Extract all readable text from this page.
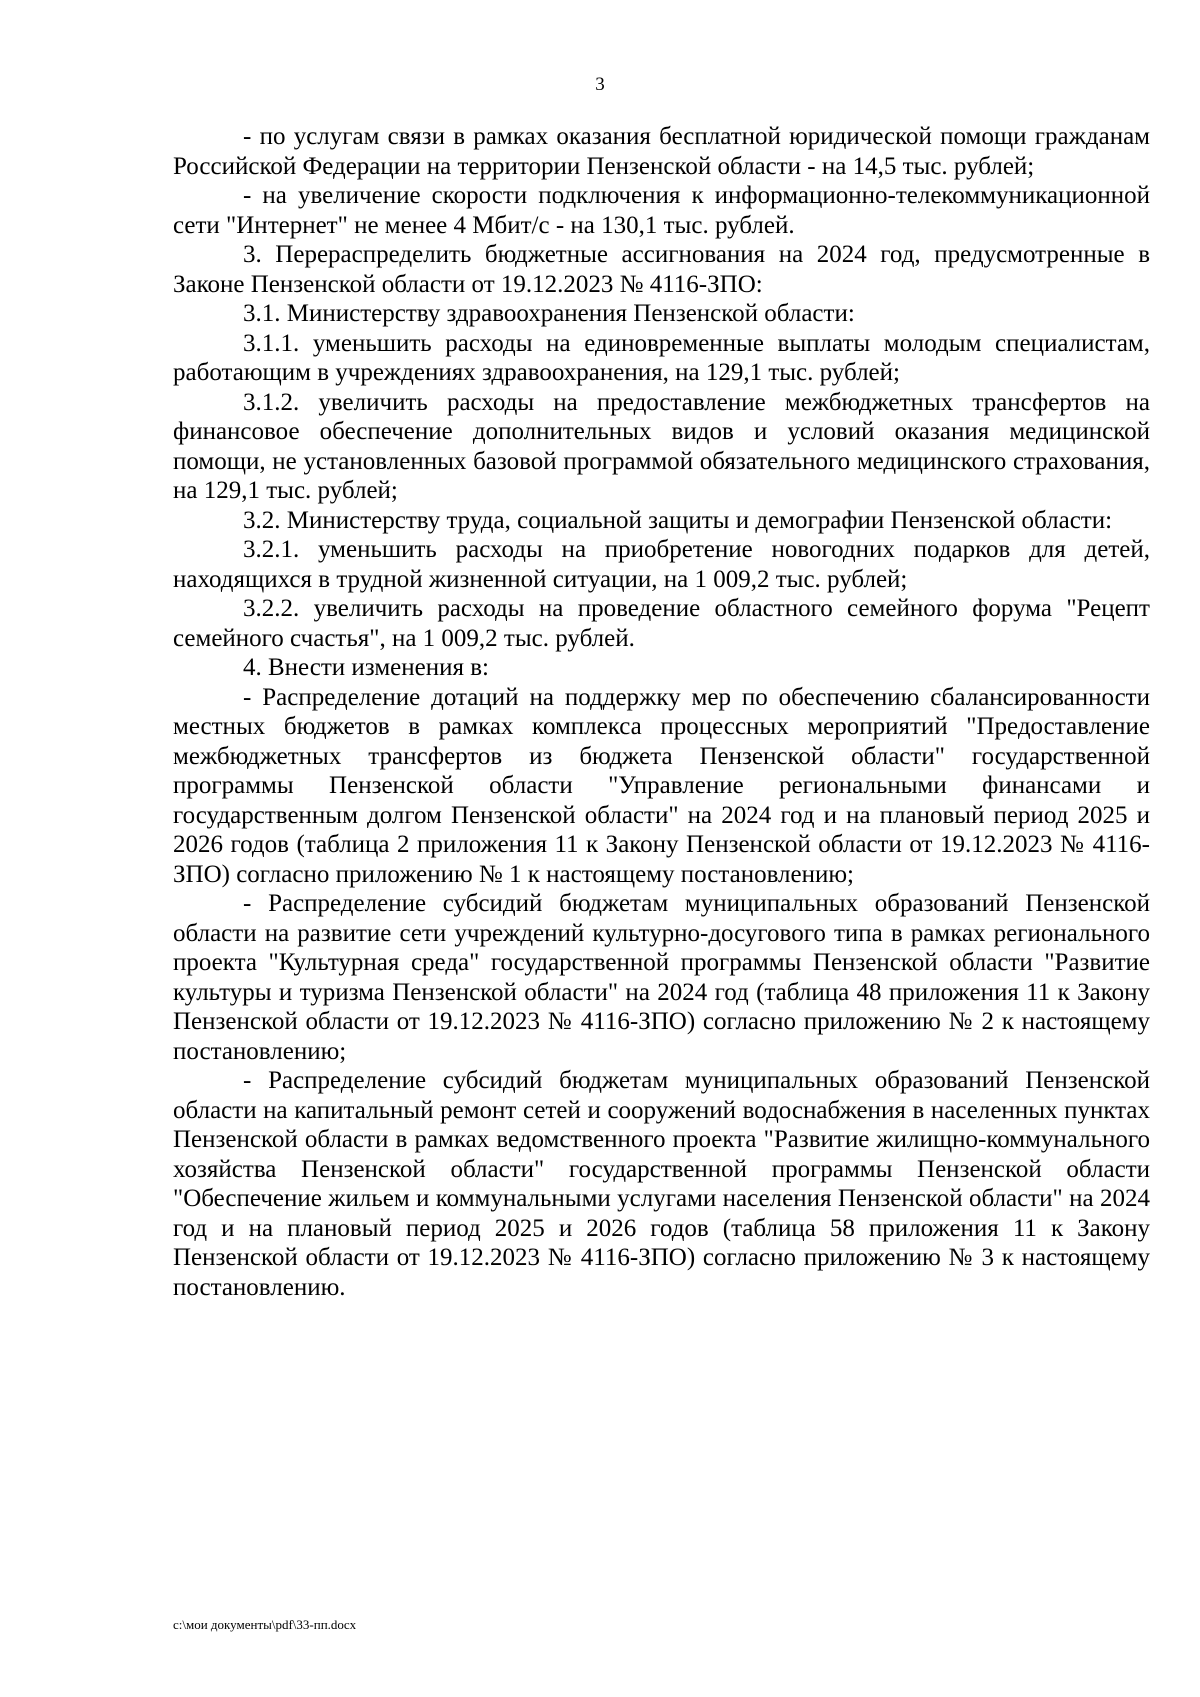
3

- по услугам связи в рамках оказания бесплатной юридической помощи гражданам Российской Федерации на территории Пензенской области - на 14,5 тыс. рублей;

- на увеличение скорости подключения к информационно-телекоммуникационной сети "Интернет" не менее 4 Мбит/с - на 130,1 тыс. рублей.

3. Перераспределить бюджетные ассигнования на 2024 год, предусмотренные в Законе Пензенской области от 19.12.2023 № 4116-ЗПО:

3.1. Министерству здравоохранения Пензенской области:

3.1.1. уменьшить расходы на единовременные выплаты молодым специалистам, работающим в учреждениях здравоохранения, на 129,1 тыс. рублей;

3.1.2. увеличить расходы на предоставление межбюджетных трансфертов на финансовое обеспечение дополнительных видов и условий оказания медицинской помощи, не установленных базовой программой обязательного медицинского страхования, на 129,1 тыс. рублей;

3.2. Министерству труда, социальной защиты и демографии Пензенской области:

3.2.1. уменьшить расходы на приобретение новогодних подарков для детей, находящихся в трудной жизненной ситуации, на 1 009,2 тыс. рублей;

3.2.2. увеличить расходы на проведение областного семейного форума "Рецепт семейного счастья", на 1 009,2 тыс. рублей.

4. Внести изменения в:

- Распределение дотаций на поддержку мер по обеспечению сбалансированности местных бюджетов в рамках комплекса процессных мероприятий "Предоставление межбюджетных трансфертов из бюджета Пензенской области" государственной программы Пензенской области "Управление региональными финансами и государственным долгом Пензенской области" на 2024 год и на плановый период 2025 и 2026 годов (таблица 2 приложения 11 к Закону Пензенской области от 19.12.2023 № 4116-ЗПО) согласно приложению № 1 к настоящему постановлению;

- Распределение субсидий бюджетам муниципальных образований Пензенской области на развитие сети учреждений культурно-досугового типа в рамках регионального проекта "Культурная среда" государственной программы Пензенской области "Развитие культуры и туризма Пензенской области" на 2024 год (таблица 48 приложения 11 к Закону Пензенской области от 19.12.2023 № 4116-ЗПО) согласно приложению № 2 к настоящему постановлению;

- Распределение субсидий бюджетам муниципальных образований Пензенской области на капитальный ремонт сетей и сооружений водоснабжения в населенных пунктах Пензенской области в рамках ведомственного проекта "Развитие жилищно-коммунального хозяйства Пензенской области" государственной программы Пензенской области "Обеспечение жильем и коммунальными услугами населения Пензенской области" на 2024 год и на плановый период 2025 и 2026 годов (таблица 58 приложения 11 к Закону Пензенской области от 19.12.2023 № 4116-ЗПО) согласно приложению № 3 к настоящему постановлению.

c:\мои документы\pdf\33-пп.docx
